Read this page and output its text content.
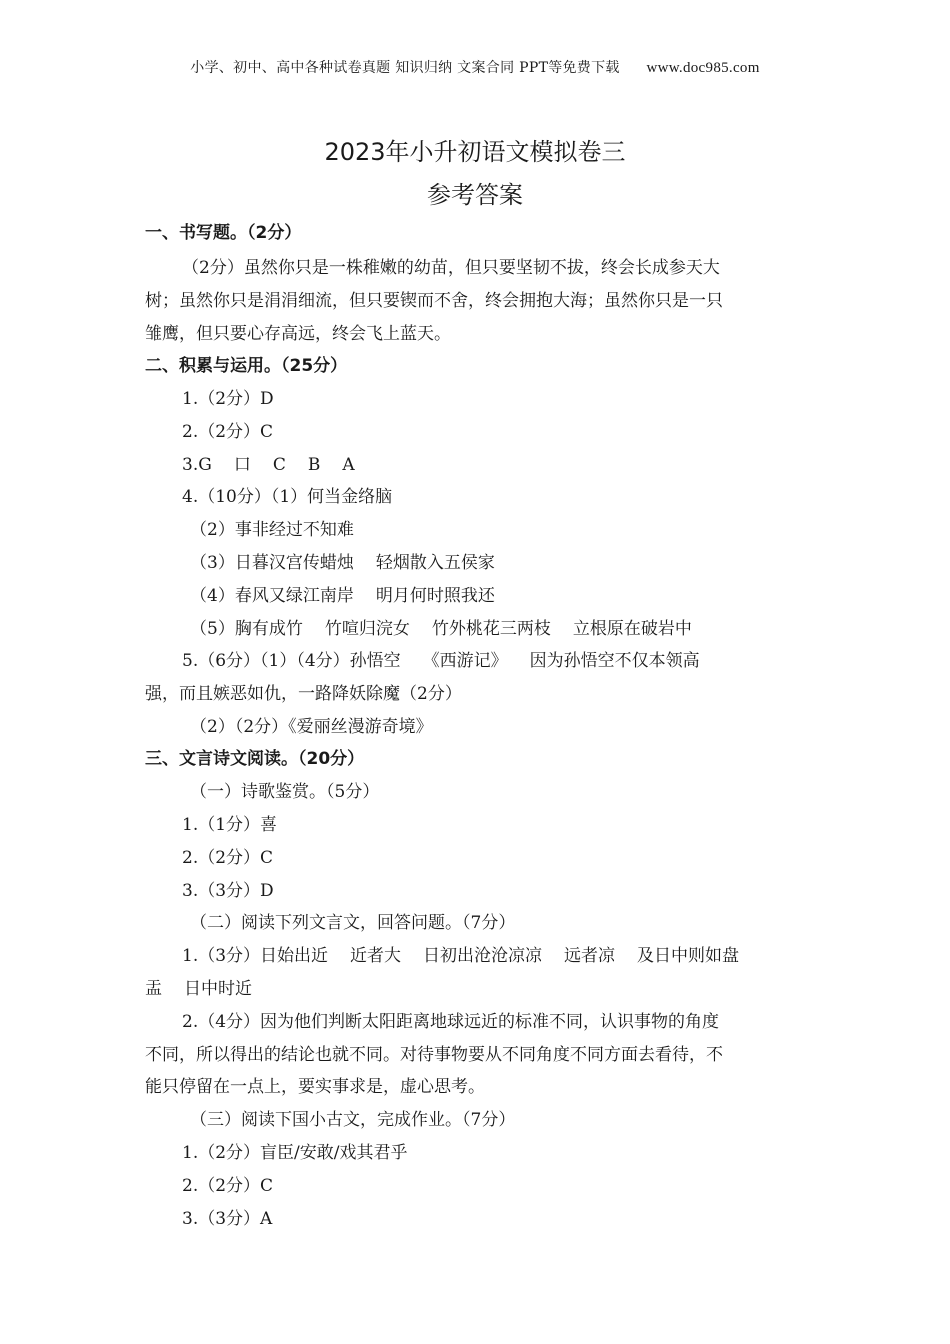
小学、初中、高中各种试卷真题 知识归纳 文案合同 PPT等免费下载 www.doc985.com
2023年小升初语文模拟卷三
参考答案
一、书写题。（2分）
（2分）虽然你只是一株稚嫩的幼苗，但只要坚韧不拔，终会长成参天大
树；虽然你只是涓涓细流，但只要锲而不舍，终会拥抱大海；虽然你只是一只
雏鹰，但只要心存高远，终会飞上蓝天。
二、积累与运用。（25分）
1.（2分）D
2.（2分）C
3.G 口 C B A
4.（10分）（1）何当金络脑
（2）事非经过不知难
（3）日暮汉宫传蜡烛 轻烟散入五侯家
（4）春风又绿江南岸 明月何时照我还
（5）胸有成竹 竹喧归浣女 竹外桃花三两枝 立根原在破岩中
5.（6分）（1）（4分）孙悟空 《西游记》 因为孙悟空不仅本领高
强，而且嫉恶如仇，一路降妖除魔（2分）
（2）（2分）《爱丽丝漫游奇境》
三、文言诗文阅读。（20分）
（一）诗歌鉴赏。（5分）
1.（1分）喜
2.（2分）C
3.（3分）D
（二）阅读下列文言文，回答问题。（7分）
1.（3分）日始出近 近者大 日初出沧沧凉凉 远者凉 及日中则如盘
盂 日中时近
2.（4分）因为他们判断太阳距离地球远近的标准不同，认识事物的角度
不同，所以得出的结论也就不同。对待事物要从不同角度不同方面去看待，不
能只停留在一点上，要实事求是，虚心思考。
（三）阅读下国小古文，完成作业。（7分）
1.（2分）盲臣/安敢/戏其君乎
2.（2分）C
3.（3分）A
